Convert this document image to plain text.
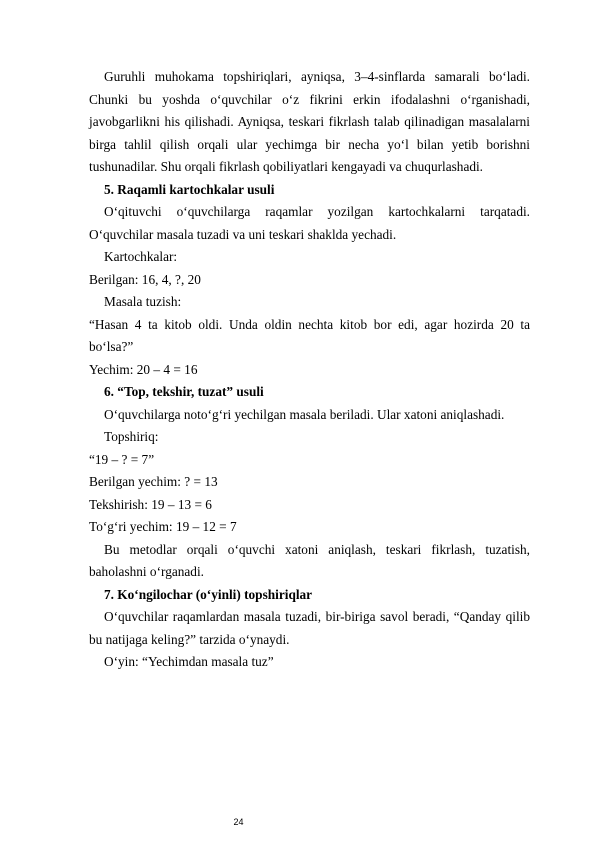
Guruhli muhokama topshiriqlari, ayniqsa, 3–4-sinflarda samarali bo‘ladi. Chunki bu yoshda o‘quvchilar o‘z fikrini erkin ifodalashni o‘rganishadi, javobgarlikni his qilishadi. Ayniqsa, teskari fikrlash talab qilinadigan masalalarni birga tahlil qilish orqali ular yechimga bir necha yo‘l bilan yetib borishni tushunadilar. Shu orqali fikrlash qobiliyatlari kengayadi va chuqurlashadi.

5. Raqamli kartochkalar usuli

O‘qituvchi o‘quvchilarga raqamlar yozilgan kartochkalarni tarqatadi. O‘quvchilar masala tuzadi va uni teskari shaklda yechadi.

Kartochkalar:

Berilgan: 16, 4, ?, 20

Masala tuzish:

“Hasan 4 ta kitob oldi. Unda oldin nechta kitob bor edi, agar hozirda 20 ta bo‘lsa?”

Yechim: 20 – 4 = 16

6. “Top, tekshir, tuzat” usuli

O‘quvchilarga noto‘g‘ri yechilgan masala beriladi. Ular xatoni aniqlashadi.

Topshiriq:

“19 – ? = 7”

Berilgan yechim: ? = 13

Tekshirish: 19 – 13 = 6

To‘g‘ri yechim: 19 – 12 = 7

Bu metodlar orqali o‘quvchi xatoni aniqlash, teskari fikrlash, tuzatish, baholashni o‘rganadi.

7. Ko‘ngilochar (o‘yinli) topshiriqlar

O‘quvchilar raqamlardan masala tuzadi, bir-biriga savol beradi, “Qanday qilib bu natijaga keling?” tarzida o‘ynaydi.

O‘yin: “Yechimdan masala tuz”

24
